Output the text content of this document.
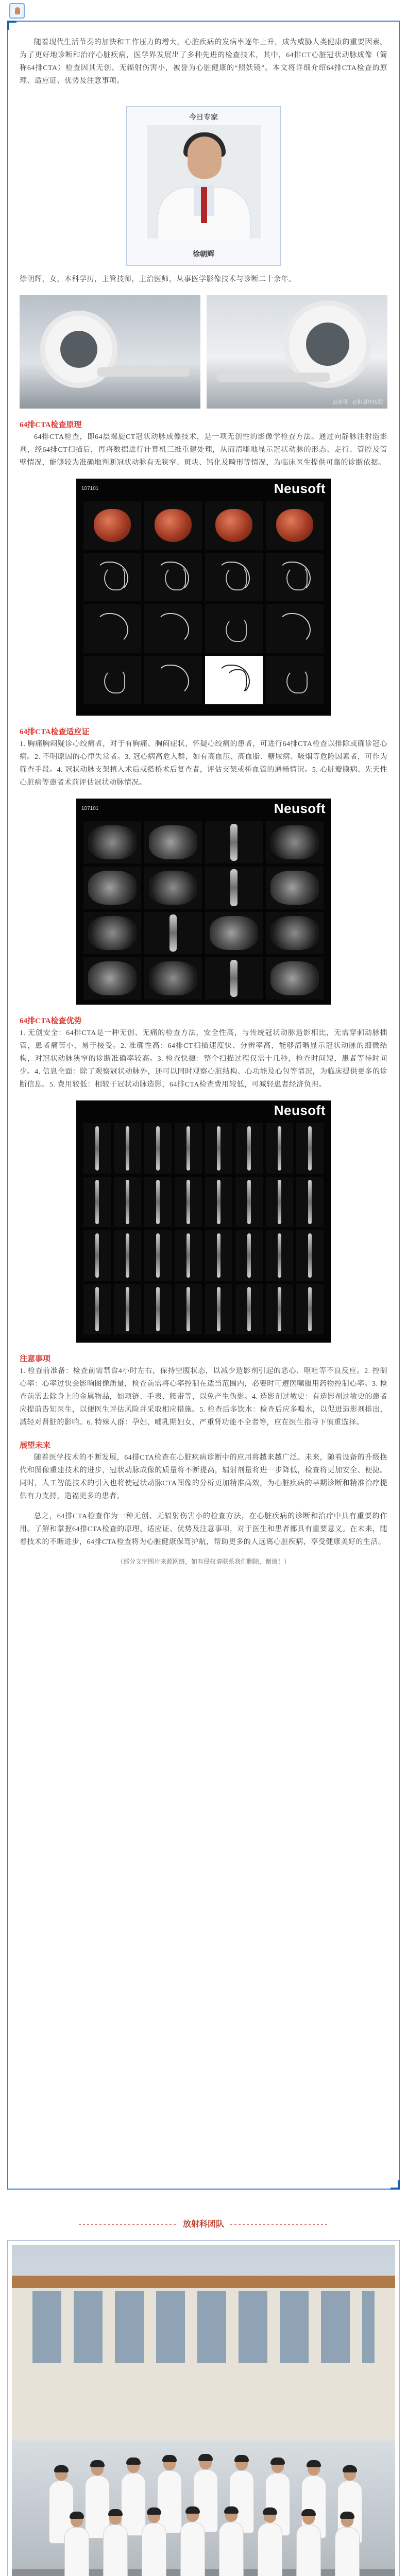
随着现代生活节奏的加快和工作压力的增大，心脏疾病的发病率逐年上升，成为威胁人类健康的重要因素。为了更好地诊断和治疗心脏疾病，医学界发展出了多种先进的检查技术，其中，64排CT心脏冠状动脉成像（简称64排CTA）检查因其无创、无辐射伤害小，被誉为心脏健康的“照妖镜”。本文将详细介绍64排CTA检查的原理、适应证、优势及注意事项。

今日专家
徐朝辉

徐朝辉，女，本科学历，主管技师，主治医师，从事医学影像技术与诊断二十余年。

公众号 · 正阳县中医院
64排CTA检查原理

64排CTA检查，即64层螺旋CT冠状动脉成像技术，是一项无创性的影像学检查方法。通过向静脉注射造影剂，经64排CT扫描后，再将数据进行计算机三维重建处理，从而清晰地显示冠状动脉的形态、走行、管腔及管壁情况，能够较为准确地判断冠状动脉有无狭窄、斑块、钙化及畸形等情况，为临床医生提供可靠的诊断依据。

107101	Neusoft
64排CTA检查适应证

1. 胸痛胸闷疑诊心绞痛者，对于有胸痛、胸闷症状，怀疑心绞痛的患者，可进行64排CTA检查以排除或确诊冠心病。2. 不明原因的心律失常者。3. 冠心病高危人群，如有高血压、高血脂、糖尿病、吸烟等危险因素者，可作为筛查手段。4. 冠状动脉支架植入术后或搭桥术后复查者，评估支架或桥血管的通畅情况。5. 心脏瓣膜病、先天性心脏病等患者术前评估冠状动脉情况。

107101	Neusoft
64排CTA检查优势

1. 无创安全：64排CTA是一种无创、无痛的检查方法，安全性高，与传统冠状动脉造影相比，无需穿刺动脉插管，患者痛苦小，易于接受。2. 准确性高：64排CT扫描速度快、分辨率高，能够清晰显示冠状动脉的细微结构，对冠状动脉狭窄的诊断准确率较高。3. 检查快捷：整个扫描过程仅需十几秒，检查时间短，患者等待时间少。4. 信息全面：除了观察冠状动脉外，还可以同时观察心脏结构、心功能及心包等情况，为临床提供更多的诊断信息。5. 费用较低：相较于冠状动脉造影，64排CTA检查费用较低，可减轻患者经济负担。

Neusoft
注意事项

1. 检查前准备：检查前需禁食4小时左右，保持空腹状态，以减少造影剂引起的恶心、呕吐等不良反应。2. 控制心率：心率过快会影响图像质量，检查前需将心率控制在适当范围内，必要时可遵医嘱服用药物控制心率。3. 检查前需去除身上的金属物品，如项链、手表、腰带等，以免产生伪影。4. 造影剂过敏史：有造影剂过敏史的患者应提前告知医生，以便医生评估风险并采取相应措施。5. 检查后多饮水：检查后应多喝水，以促进造影剂排出，减轻对肾脏的影响。6. 特殊人群：孕妇、哺乳期妇女、严重肾功能不全者等，应在医生指导下慎重选择。

展望未来

随着医学技术的不断发展，64排CTA检查在心脏疾病诊断中的应用将越来越广泛。未来，随着设备的升级换代和图像重建技术的进步，冠状动脉成像的质量将不断提高，辐射剂量将进一步降低，检查将更加安全、便捷。同时，人工智能技术的引入也将使冠状动脉CTA图像的分析更加精准高效，为心脏疾病的早期诊断和精准治疗提供有力支持，造福更多的患者。

总之，64排CTA检查作为一种无创、无辐射伤害小的检查方法，在心脏疾病的诊断和治疗中具有重要的作用。了解和掌握64排CTA检查的原理、适应证、优势及注意事项，对于医生和患者都具有重要意义。在未来，随着技术的不断进步，64排CTA检查将为心脏健康保驾护航，帮助更多的人远离心脏疾病，享受健康美好的生活。

（部分文字图片来源网络，如有侵权请联系我们删除，谢谢！）
放射科团队
